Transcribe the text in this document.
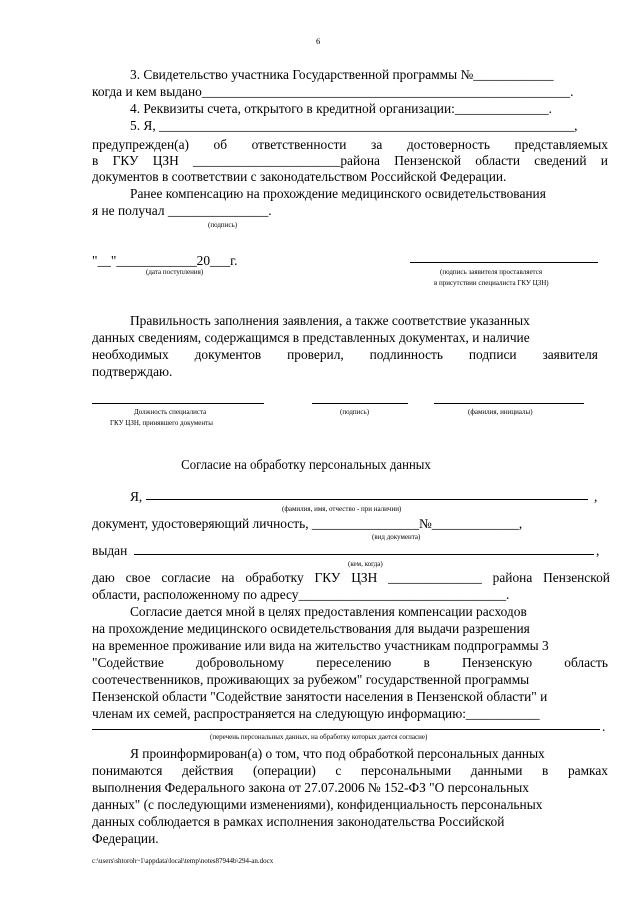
6
3. Свидетельство участника Государственной программы №____________
когда и кем выдано_______________________________________________________.
4. Реквизиты счета, открытого в кредитной организации:______________.
5. Я, ______________________________________________________________,
предупрежден(а) об ответственности за достоверность представляемых
в ГКУ ЦЗН ______________________района Пензенской области сведений и
документов в соответствии с законодательством Российской Федерации.
Ранее компенсацию на прохождение медицинского освидетельствования
я не получал _______________.
(подпись)
"__"____________20___г.
(дата поступления)	(подпись заявителя проставляется
в присутствии специалиста ГКУ ЦЗН)
Правильность заполнения заявления, а также соответствие указанных
данных сведениям, содержащимся в представленных документах, и наличие
необходимых документов проверил, подлинность подписи заявителя
подтверждаю.
Должность специалиста
ГКУ ЦЗН, принявшего документы
(подпись)	(фамилия, инициалы)
Согласие на обработку персональных данных
Я,	,
(фамилия, имя, отчество - при наличии)
документ, удостоверяющий личность, ________________№_____________,
(вид документа)
выдан	,
(кем, когда)
даю свое согласие на обработку ГКУ ЦЗН ______________ района Пензенской
области, расположенному по адресу_______________________________.
Согласие дается мной в целях предоставления компенсации расходов
на прохождение медицинского освидетельствования для выдачи разрешения
на временное проживание или вида на жительство участникам подпрограммы 3
"Содействие добровольному переселению в Пензенскую область
соотечественников, проживающих за рубежом" государственной программы
Пензенской области "Содействие занятости населения в Пензенской области" и
членам их семей, распространяется на следующую информацию:___________
.
(перечень персональных данных, на обработку которых дается согласие)
Я проинформирован(а) о том, что под обработкой персональных данных
понимаются действия (операции) с персональными данными в рамках
выполнения Федерального закона от 27.07.2006 № 152-ФЗ "О персональных
данных" (с последующими изменениями), конфиденциальность персональных
данных соблюдается в рамках исполнения законодательства Российской
Федерации.
c:\users\shtoroh~1\appdata\local\temp\notes87944b\294-an.docx
